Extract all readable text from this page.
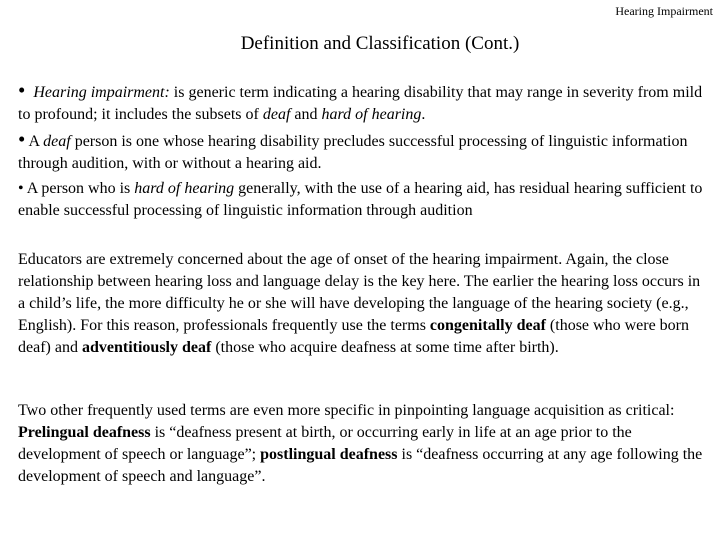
Hearing Impairment
Definition and Classification (Cont.)
• Hearing impairment: is generic term indicating a hearing disability that may range in severity from mild to profound; it includes the subsets of deaf and hard of hearing.
• A deaf person is one whose hearing disability precludes successful processing of linguistic information through audition, with or without a hearing aid.
• A person who is hard of hearing generally, with the use of a hearing aid, has residual hearing sufficient to enable successful processing of linguistic information through audition
Educators are extremely concerned about the age of onset of the hearing impairment. Again, the close relationship between hearing loss and language delay is the key here. The earlier the hearing loss occurs in a child’s life, the more difficulty he or she will have developing the language of the hearing society (e.g., English). For this reason, professionals frequently use the terms congenitally deaf (those who were born deaf) and adventitiously deaf (those who acquire deafness at some time after birth).
Two other frequently used terms are even more specific in pinpointing language acquisition as critical: Prelingual deafness is “deafness present at birth, or occurring early in life at an age prior to the development of speech or language”; postlingual deafness is “deafness occurring at any age following the development of speech and language”.
